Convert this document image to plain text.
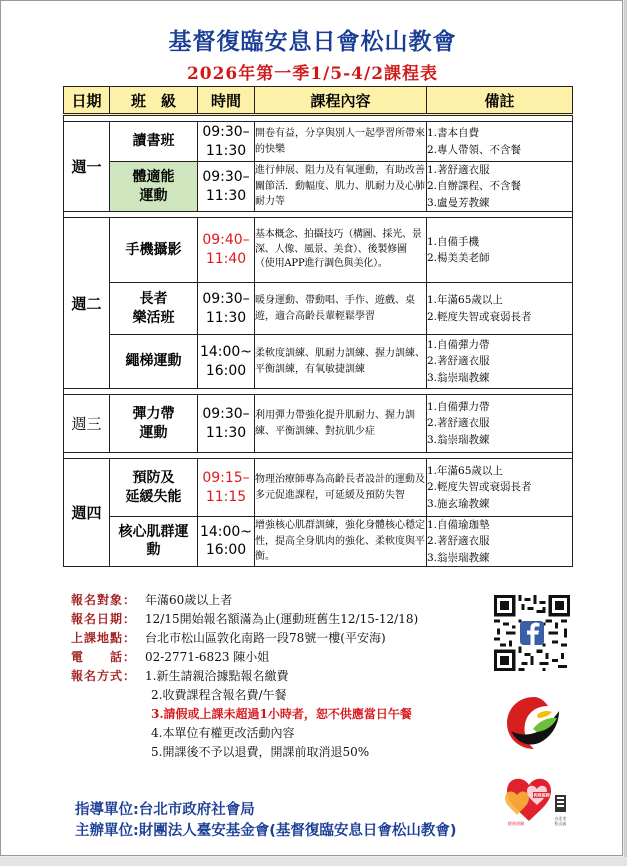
基督復臨安息日會松山教會
2026年第一季1/5-4/2課程表
日期	班　級	時間	課程內容	備註

週一	讀書班	09:30–
11:30	開卷有益，分享與別人一起學習所帶來的快樂	1.書本自費
2.專人帶領、不含餐
	體適能
運動	09:30–
11:30	進行伸展、阻力及有氧運動，有助改善關節活．動幅度、肌力、肌耐力及心肺耐力等	1.著舒適衣服
2.自辦課程、不含餐
3.盧曼芳教練

週二	手機攝影	09:40–
11:40	基本概念、拍攝技巧（構圖、採光、景深、人像、風景、美食）、後製修圖（使用APP進行調色與美化）。	1.自備手機
2.楊美美老師
	長者
樂活班	09:30–
11:30	暖身運動、帶動唱、手作、遊戲、桌遊，適合高齡長輩輕鬆學習	1.年滿65歲以上
2.輕度失智或衰弱長者
	繩梯運動	14:00~
16:00	柔軟度訓練、肌耐力訓練、握力訓練、平衡訓練，有氧敏捷訓練	1.自備彈力帶
2.著舒適衣服
3.翁崇瑞教練

週三	彈力帶
運動	09:30–
11:30	利用彈力帶強化提升肌耐力、握力訓練、平衡訓練、對抗肌少症	1.自備彈力帶
2.著舒適衣服
3.翁崇瑞教練

週四	預防及
延緩失能	09:15–
11:15	物理治療師專為高齡長者設計的運動及多元促進課程，可延緩及預防失智	1.年滿65歲以上
2.輕度失智或衰弱長者
3.施玄瑜教練
	核心肌群運
動	14:00~
16:00	增強核心肌群訓練，強化身體核心穩定性，提高全身肌肉的強化、柔軟度與平衡。	1.自備瑜珈墊
2.著舒適衣服
3.翁崇瑞教練
報名對象： 年滿60歲以上者
報名日期： 12/15開始報名額滿為止(運動班舊生12/15-12/18)
上課地點： 台北市松山區敦化南路一段78號一樓(平安海)
電　　話： 02-2771-6823 陳小姐
報名方式： 1.新生請親洽據點報名繳費
2.收費課程含報名費/午餐
3.請假或上課未超過1小時者，恕不供應當日午餐
4.本單位有權更改活動內容
5.開課後不予以退費，開課前取消退50%
長照服務
健康照顧
台北市
松山區
指導單位:台北市政府社會局
主辦單位:財團法人臺安基金會(基督復臨安息日會松山教會)
